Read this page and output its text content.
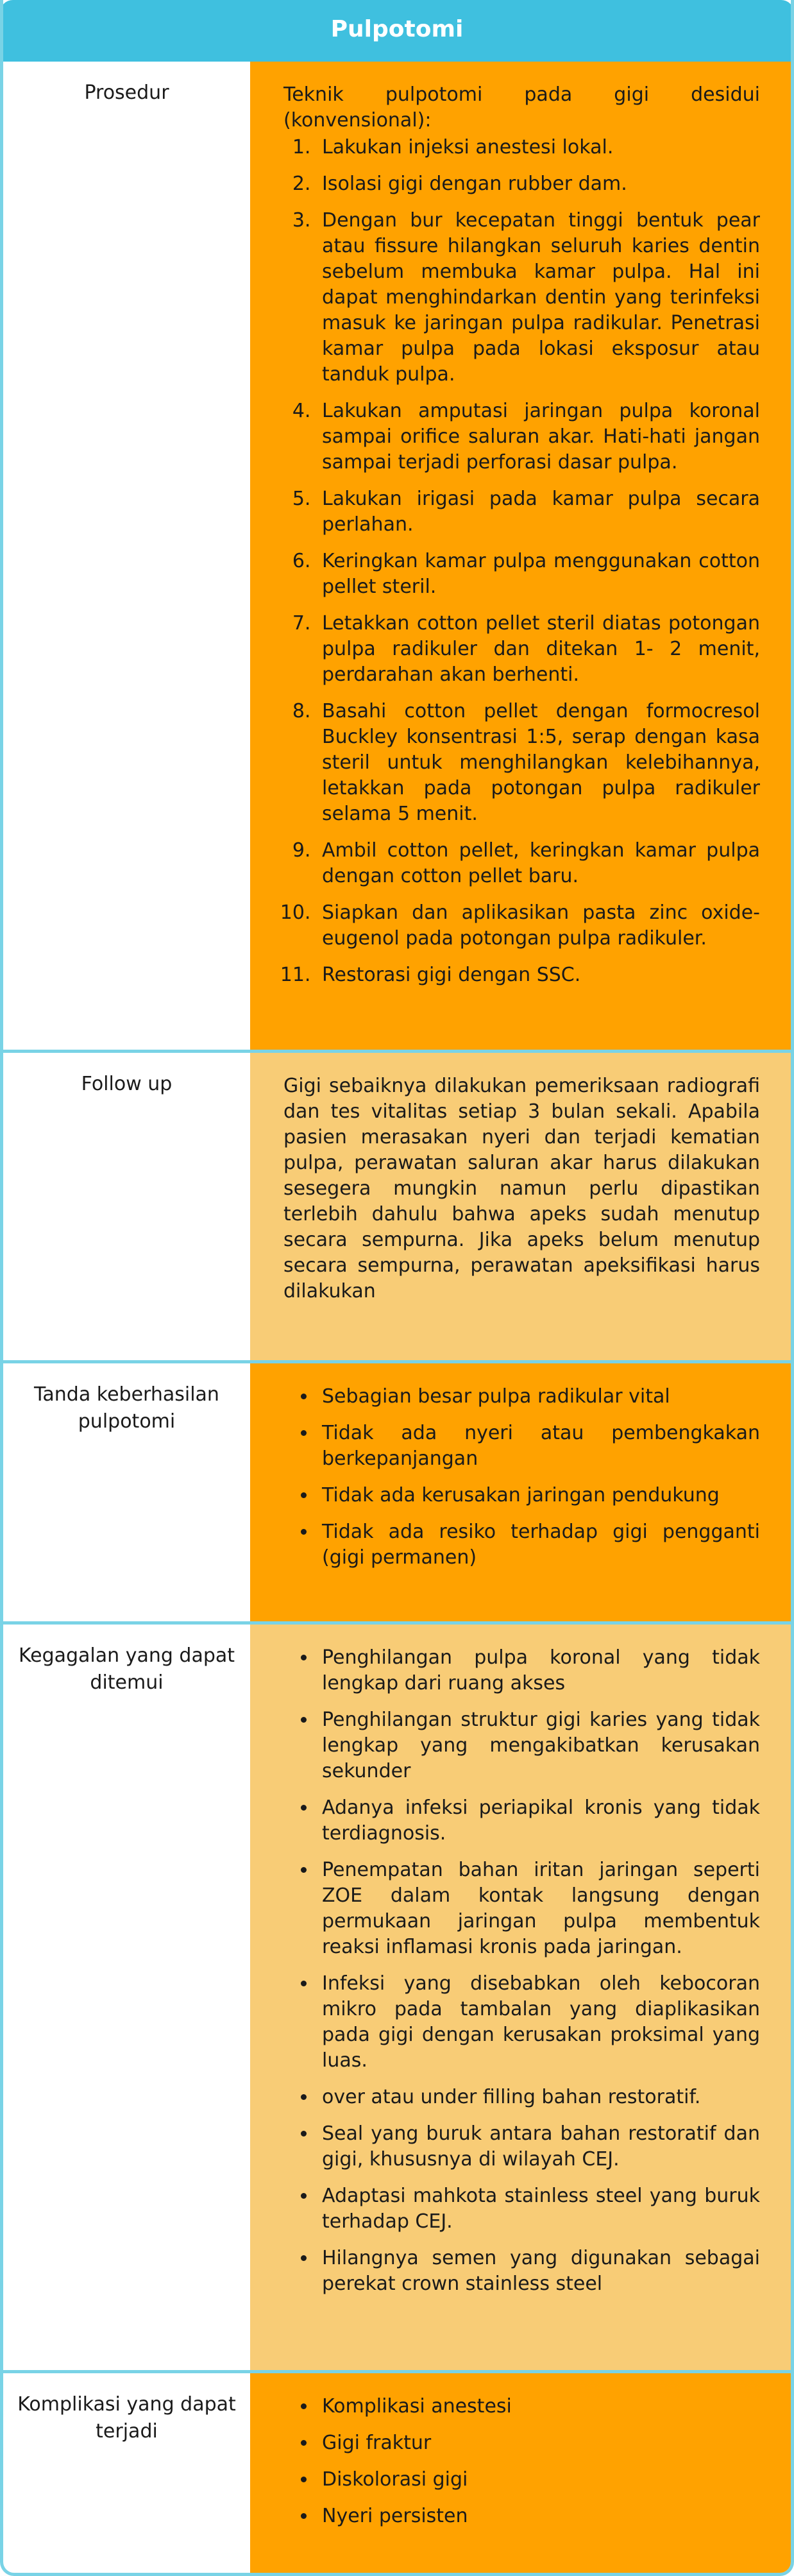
Pulpotomi
Prosedur	Teknik pulpotomi pada gigi desidui (konvensional):

1. Lakukan injeksi anestesi lokal.
2. Isolasi gigi dengan rubber dam.
3. Dengan bur kecepatan tinggi bentuk pear atau fissure hilangkan seluruh karies dentin sebelum membuka kamar pulpa. Hal ini dapat menghindarkan dentin yang terinfeksi masuk ke jaringan pulpa radikular. Penetrasi kamar pulpa pada lokasi eksposur atau tanduk pulpa.
4. Lakukan amputasi jaringan pulpa koronal sampai orifice saluran akar. Hati-hati jangan sampai terjadi perforasi dasar pulpa.
5. Lakukan irigasi pada kamar pulpa secara perlahan.
6. Keringkan kamar pulpa menggunakan cotton pellet steril.
7. Letakkan cotton pellet steril diatas potongan pulpa radikuler dan ditekan 1- 2 menit, perdarahan akan berhenti.
8. Basahi cotton pellet dengan formocresol Buckley konsentrasi 1:5, serap dengan kasa steril untuk menghilangkan kelebihannya, letakkan pada potongan pulpa radikuler selama 5 menit.
9. Ambil cotton pellet, keringkan kamar pulpa dengan cotton pellet baru.
10. Siapkan dan aplikasikan pasta zinc oxide-eugenol pada potongan pulpa radikuler.
11. Restorasi gigi dengan SSC.
Follow up	Gigi sebaiknya dilakukan pemeriksaan radiografi dan tes vitalitas setiap 3 bulan sekali. Apabila pasien merasakan nyeri dan terjadi kematian pulpa, perawatan saluran akar harus dilakukan sesegera mungkin namun perlu dipastikan terlebih dahulu bahwa apeks sudah menutup secara sempurna. Jika apeks belum menutup secara sempurna, perawatan apeksifikasi harus dilakukan

Tanda keberhasilan pulpotomi
• Sebagian besar pulpa radikular vital
• Tidak ada nyeri atau pembengkakan berkepanjangan
• Tidak ada kerusakan jaringan pendukung
• Tidak ada resiko terhadap gigi pengganti (gigi permanen)
Kegagalan yang dapat ditemui
• Penghilangan pulpa koronal yang tidak lengkap dari ruang akses
• Penghilangan struktur gigi karies yang tidak lengkap yang mengakibatkan kerusakan sekunder
• Adanya infeksi periapikal kronis yang tidak terdiagnosis.
• Penempatan bahan iritan jaringan seperti ZOE dalam kontak langsung dengan permukaan jaringan pulpa membentuk reaksi inflamasi kronis pada jaringan.
• Infeksi yang disebabkan oleh kebocoran mikro pada tambalan yang diaplikasikan pada gigi dengan kerusakan proksimal yang luas.
• over atau under filling bahan restoratif.
• Seal yang buruk antara bahan restoratif dan gigi, khususnya di wilayah CEJ.
• Adaptasi mahkota stainless steel yang buruk terhadap CEJ.
• Hilangnya semen yang digunakan sebagai perekat crown stainless steel
Komplikasi yang dapat terjadi
• Komplikasi anestesi
• Gigi fraktur
• Diskolorasi gigi
• Nyeri persisten
